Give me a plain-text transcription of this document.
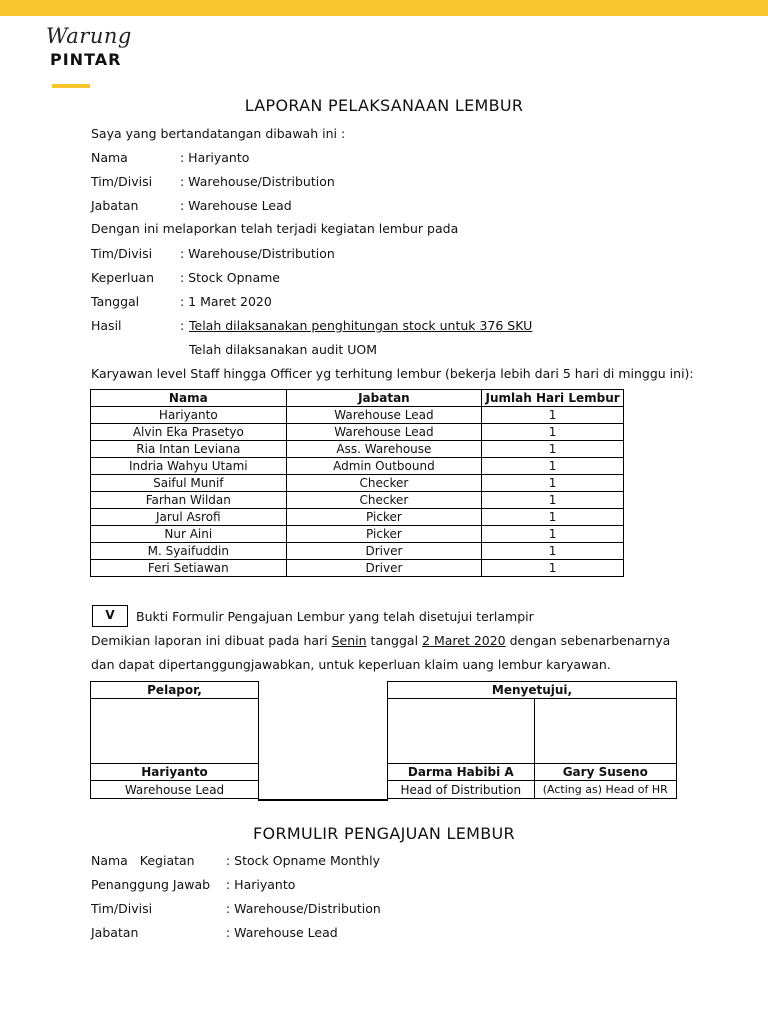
Warung
PINTAR
LAPORAN PELAKSANAAN LEMBUR
Saya yang bertandatangan dibawah ini :
Nama	: Hariyanto
Tim/Divisi : Warehouse/Distribution
Jabatan	: Warehouse Lead
Dengan ini melaporkan telah terjadi kegiatan lembur pada
Tim/Divisi : Warehouse/Distribution
Keperluan : Stock Opname
Tanggal	: 1 Maret 2020
Hasil	: Telah dilaksanakan penghitungan stock untuk 376 SKU
Telah dilaksanakan audit UOM
Karyawan level Staff hingga Officer yg terhitung lembur (bekerja lebih dari 5 hari di minggu ini):
Nama	Jabatan	Jumlah Hari Lembur
Hariyanto	Warehouse Lead	1
Alvin Eka Prasetyo	Warehouse Lead	1
Ria Intan Leviana	Ass. Warehouse	1
Indria Wahyu Utami	Admin Outbound	1
Saiful Munif	Checker	1
Farhan Wildan	Checker	1
Jarul Asrofi	Picker	1
Nur Aini	Picker	1
M. Syaifuddin	Driver	1
Feri Setiawan	Driver	1
V	Bukti Formulir Pengajuan Lembur yang telah disetujui terlampir
Demikian laporan ini dibuat pada hari Senin tanggal 2 Maret 2020 dengan sebenarbenarnya
dan dapat dipertanggungjawabkan, untuk keperluan klaim uang lembur karyawan.
Pelapor,

Hariyanto
Warehouse Lead
Menyetujui,	

Darma Habibi A	Gary Suseno
Head of Distribution	(Acting as) Head of HR
FORMULIR PENGAJUAN LEMBUR
Nama   Kegiatan	: Stock Opname Monthly
Penanggung Jawab : Hariyanto
Tim/Divisi	: Warehouse/Distribution
Jabatan	: Warehouse Lead
